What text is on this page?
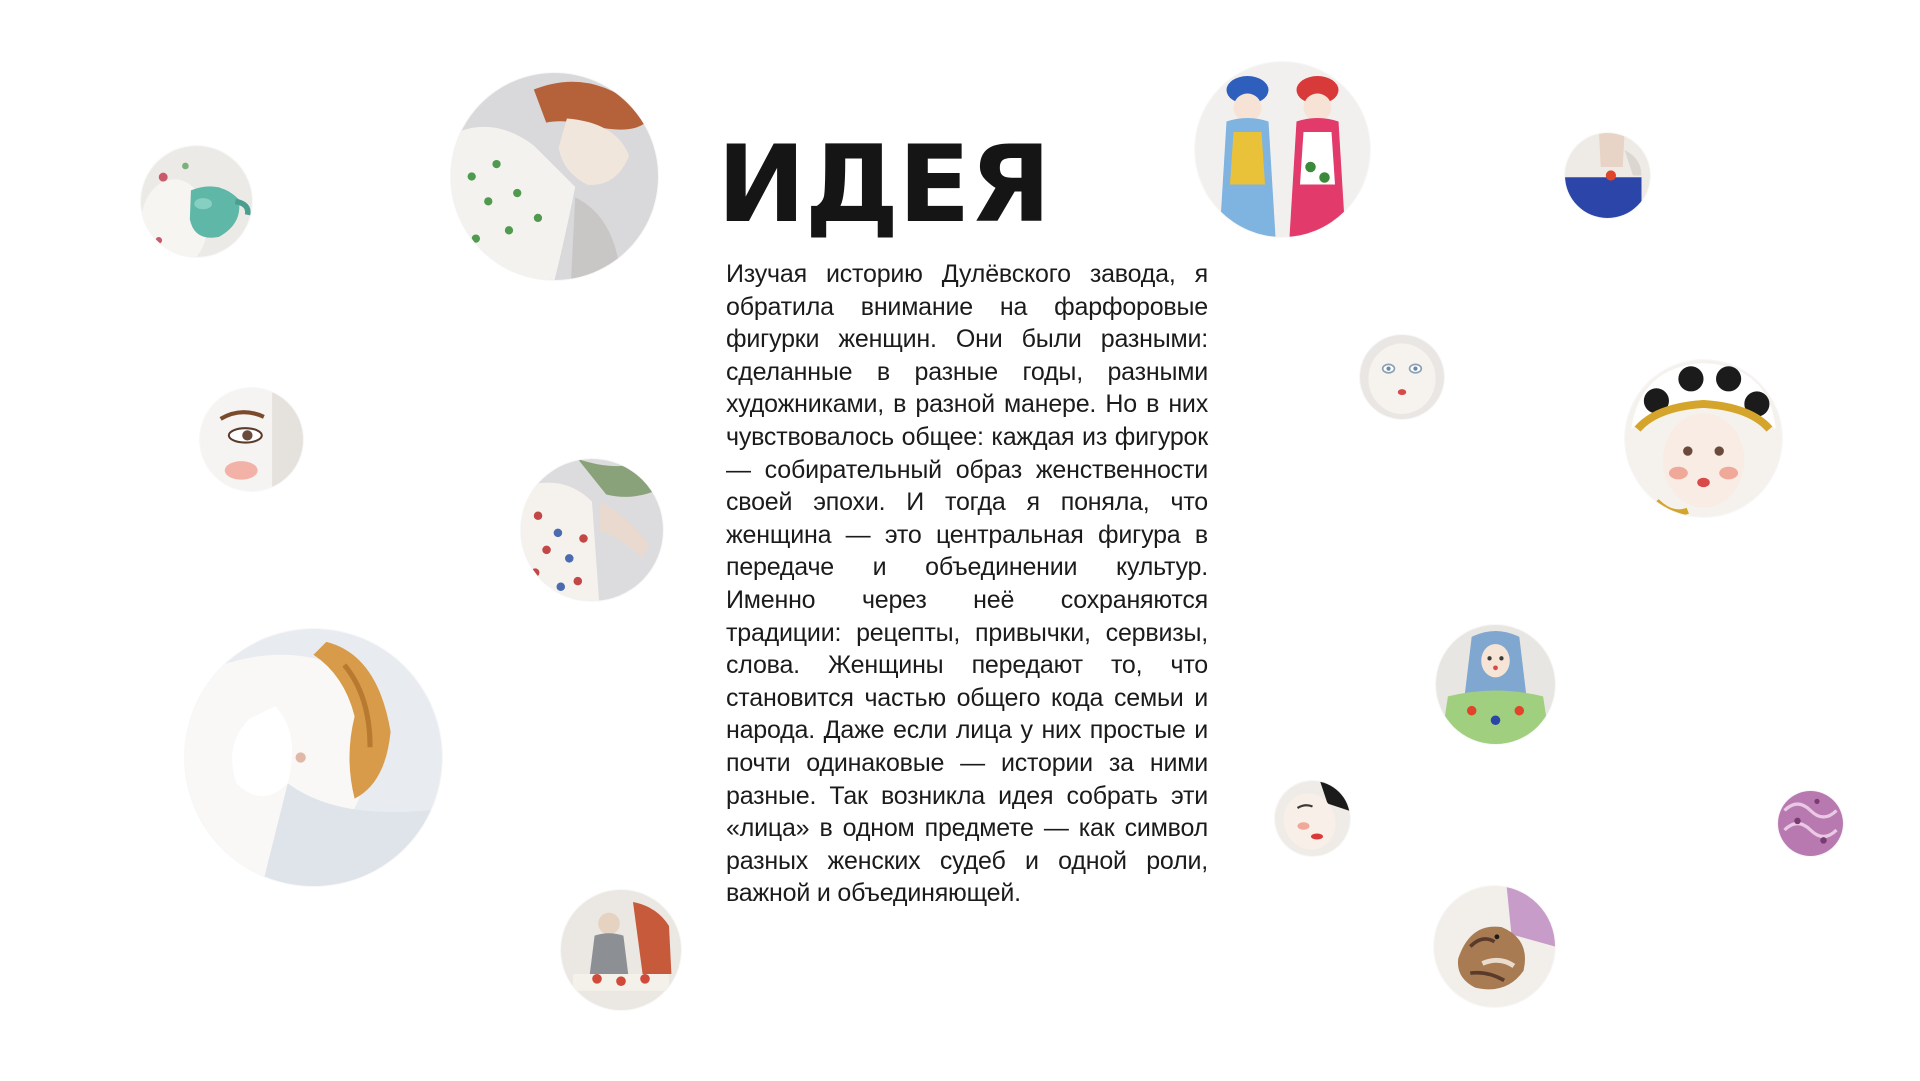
ИДЕЯ

Изучая историю Дулёвского завода, я обратила внимание на фарфоровые фигурки женщин. Они были разными: сделанные в разные годы, разными художниками, в разной манере. Но в них чувствовалось общее: каждая из фигурок — собирательный образ женственности своей эпохи. И тогда я поняла, что женщина — это центральная фигура в передаче и объединении культур. Именно через неё сохраняются традиции: рецепты, привычки, сервизы, слова. Женщины передают то, что становится частью общего кода семьи и народа. Даже если лица у них простые и почти одинаковые — истории за ними разные. Так возникла идея собрать эти «лица» в одном предмете — как символ разных женских судеб и одной роли, важной и объединяющей.
